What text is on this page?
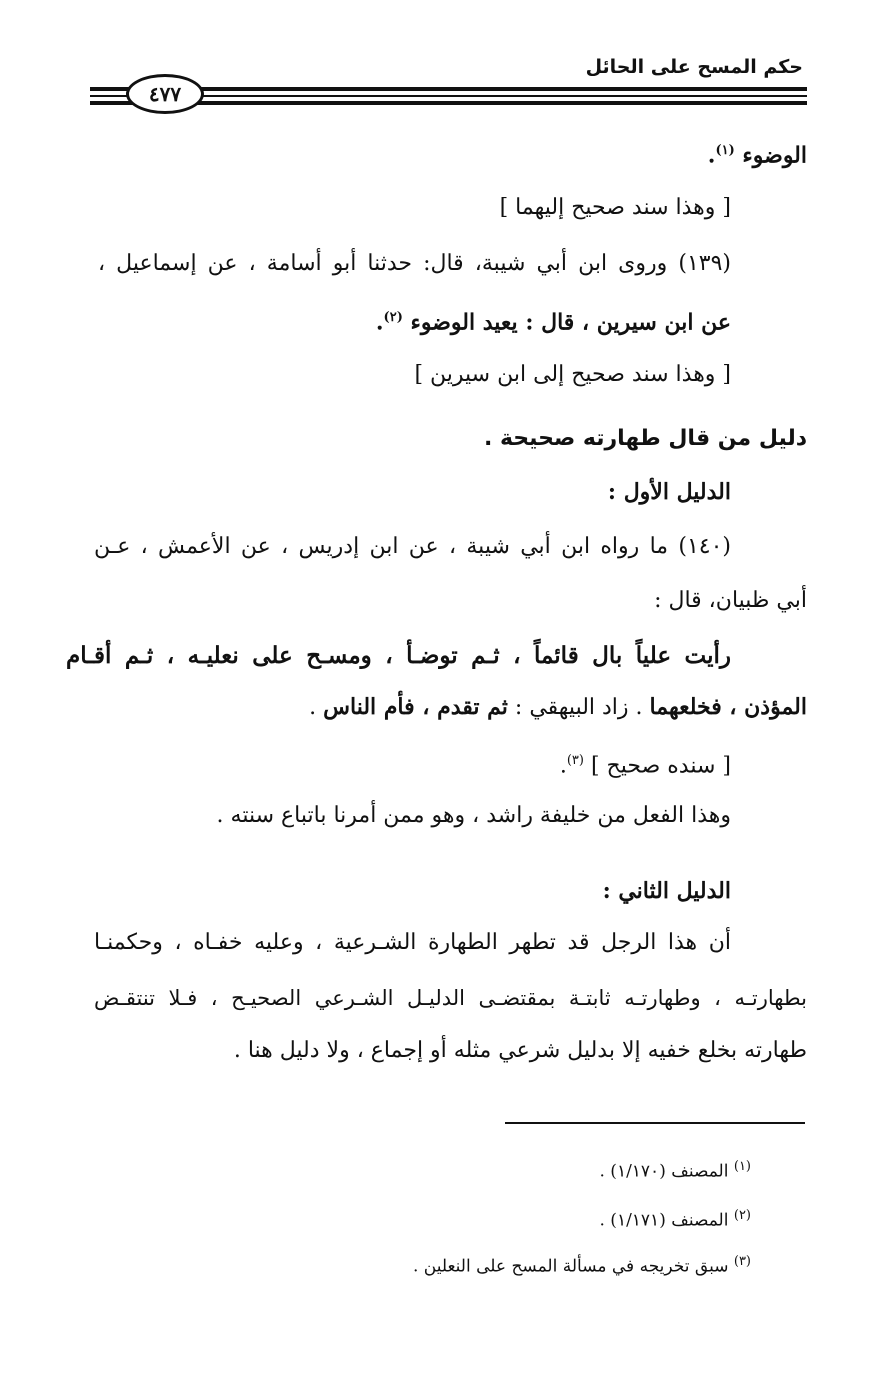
حكم المسح على الحائل
٤٧٧
الوضوء $^{(١)}$.
[ وهذا سند صحيح إليهما ]
(١٣٩) وروى ابن أبي شيبة، قال: حدثنا أبو أسامة ، عن إسماعيل ،
عن ابن سيرين ، قال : يعيد الوضوء $^{(٢)}$.
[ وهذا سند صحيح إلى ابن سيرين ]
دليل من قال طهارته صحيحة .
الدليل الأول :
(١٤٠) ما رواه ابن أبي شيبة ، عن ابن إدريس ، عن الأعمش ، عـن
أبي ظبيان، قال :
رأيت علياً بال قائماً ، ثـم توضـأ ، ومسـح على نعليـه ، ثـم أقـام
المؤذن ، فخلعهما . زاد البيهقي : ثم تقدم ، فأم الناس .
[ سنده صحيح ] $^{(٣)}$.
وهذا الفعل من خليفة راشد ، وهو ممن أمرنا باتباع سنته .
الدليل الثاني :
أن هذا الرجل قد تطهر الطهارة الشـرعية ، وعليه خفـاه ، وحكمنـا
بطهارتـه ، وطهارتـه ثابتـة بمقتضـى الدليـل الشـرعي الصحيـح ، فـلا تنتقـض
طهارته بخلع خفيه إلا بدليل شرعي مثله أو إجماع ، ولا دليل هنا .
$^{(١)}$ المصنف (١/١٧٠) .
$^{(٢)}$ المصنف (١/١٧١) .
$^{(٣)}$ سبق تخريجه في مسألة المسح على النعلين .
